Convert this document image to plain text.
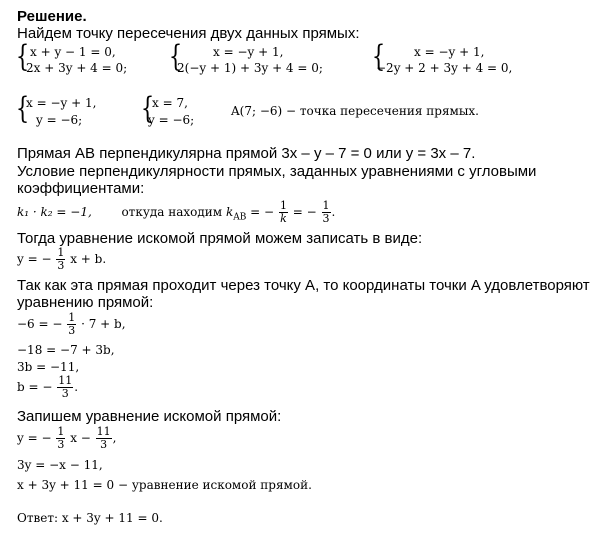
Решение.
Найдем точку пересечения двух данных прямых:
{ x + y − 1 = 0,
2x + 3y + 4 = 0; {	x = −y + 1,
2(−y + 1) + 3y + 4 = 0; { x = −y + 1,
−2y + 2 + 3y + 4 = 0,
{
x = −y + 1,
y = −6; {
x = 7,
y = −6;
A(7; −6) − точка пересечения прямых.
Прямая AB перпендикулярна прямой 3x – y – 7 = 0 или y = 3x – 7.
Условие перпендикулярности прямых, заданных уравнениями с угловыми
коэффициентами:
k₁ · k₂ = −1, откуда находим $k_{AB}$ = − $\frac{1}{k}$ = − $\frac{1}{3}$ .
Тогда уравнение искомой прямой можем записать в виде:
y = − $\frac{1}{3}$ x + b.
Так как эта прямая проходит через точку A, то координаты точки A удовлетворяют
уравнению прямой:
−6 = − $\frac{1}{3} \cdot 7 + b$,
−18 = −7 + 3b,
3b = −11,
b = − $\frac{11}{3}$ .
Запишем уравнение искомой прямой:
y = − $\frac{1}{3}$ $x - \frac{11}{3}$ ,
3y = −x − 11,
x + 3y + 11 = 0 − уравнение искомой прямой.
Ответ: x + 3y + 11 = 0.
